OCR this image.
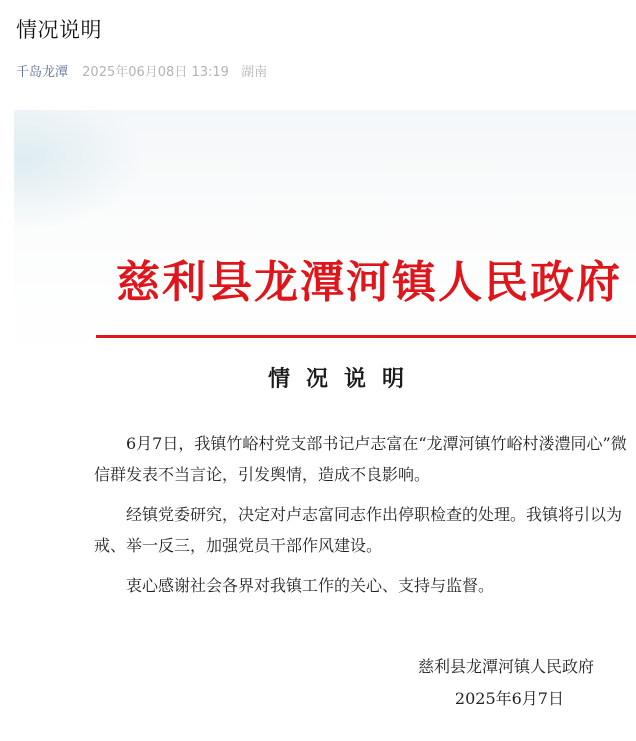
情况说明
千岛龙潭 2025年06月08日 13:19 湖南
慈利县龙潭河镇人民政府
情况说明

6月7日，我镇竹峪村党支部书记卢志富在“龙潭河镇竹峪村溇澧同心”微信群发表不当言论，引发舆情，造成不良影响。

经镇党委研究，决定对卢志富同志作出停职检查的处理。我镇将引以为戒、举一反三，加强党员干部作风建设。

衷心感谢社会各界对我镇工作的关心、支持与监督。

慈利县龙潭河镇人民政府
2025年6月7日
